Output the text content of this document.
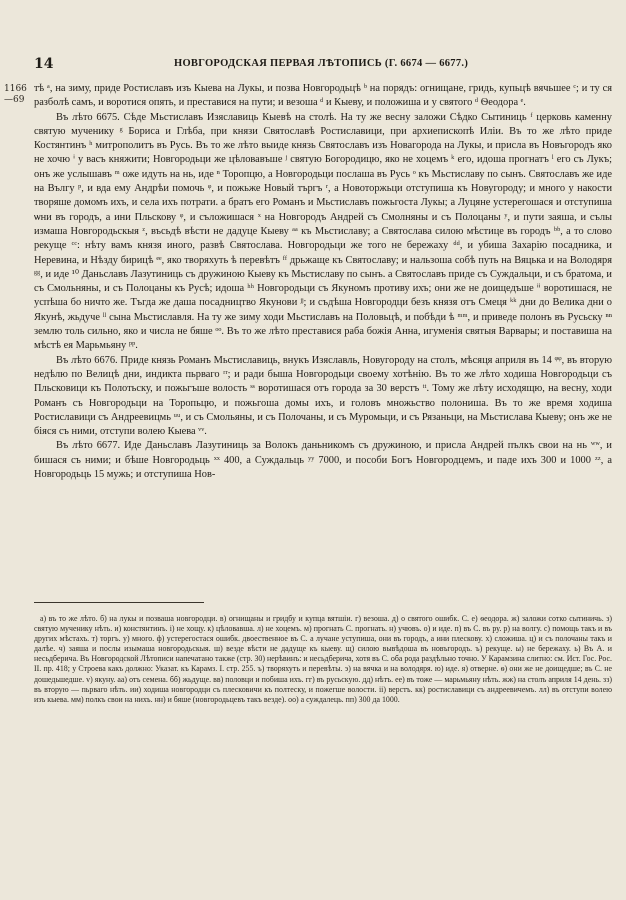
14	НОВГОРОДСКАЯ ПЕРВАЯ ЛѢТОПИСЬ (Г. 6674 — 6677.)
1166
—69

тѣ ᵃ, на зиму, приде Ростиславъ изъ Кыева на Лукы, и позва Новгородьцѣ ᵇ на порядъ: огнищане, гридь, купьцѣ вячьшее ᶜ; и ту ся разболѣ самъ, и воротися опять, и преставися на пути; и везоша ᵈ и Кыеву, и положиша и у святого ᵈ Ѳеодора ᵉ.

Въ лѣто 6675. Сѣде Мьстиславъ Изяславиць Кыевѣ на столѣ. На ту же весну заложи Сѣдко Сытиниць ᶠ церковь каменну святую мученику ᵍ Бориса и Глѣба, при князи Святославѣ Ростиславици, при архиепископѣ Илiи. Въ то же лѣто приде Костянтинъ ʰ митрополитъ въ Русь. Въ то же лѣто выиде князь Святославъ изъ Новагорода на Лукы, и присла въ Новъгородъ яко не хочю ⁱ у васъ княжити; Новгородьци же цѣловавъше ʲ святую Богородицю, яко не хоцемъ ᵏ его, идоша прогнатъ ˡ его съ Лукъ; онъ же услышавъ ᵐ оже идуть на нь, иде ⁿ Торопцю, а Новгородьци послаша въ Русь ᵒ къ Мьстиславу по сынъ. Святославъ же иде на Вългу ᵖ, и вда ему Андрѣи помочь ᵠ, и пожьже Новый търгъ ʳ, а Новоторжьци отступиша къ Новугороду; и много у накости творяше домомъ ихъ, и села ихъ потрати. а братъ его Романъ и Мьстиславъ пожьгоста Лукы; а Луцяне устерегошася и отступиша ѡни въ городъ, а ини Пльскову ᵠ, и съложишася ˣ на Новгородъ Андрей съ Смолняны и съ Полоцаны ʸ, и пути заяша, и сълы измаша Новгородьскыя ᶻ, въсьдѣ вѣсти не дадуце Кыеву ᵃᵃ къ Мьстиславу; а Святослава силою мѣстице въ городъ ᵇᵇ, а то слово рекуще ᶜᶜ: нѣту вамъ князя иного, развѣ Святослава. Новгородьци же того не бережаху ᵈᵈ, и убиша Захарiю посадника, и Неревина, и Нѣзду бирицѣ ᵉᵉ, яко творяхуть ѣ перевѣтъ ᶠᶠ дрьжаще къ Святославу; и нальзоша собѣ путь на Вяцька и на Володяря ᵍᵍ, и иде ¹⁰ Даньславъ Лазутиниць съ дружиною Кыеву къ Мьстиславу по сынъ. а Святославъ приде съ Суждальци, и съ братома, и съ Смольняны, и съ Полоцаны къ Русѣ; идоша ʰʰ Новгородьци съ Якуномъ противу ихъ; они же не доищедъше ⁱⁱ воротишася, не успѣша бо ничто же. Тъгда же даша посадництво Якунови ʲʲ; и съдѣша Новгородци безъ князя отъ Смеця ᵏᵏ дни до Велика дни о Якунѣ, жьдуче ˡˡ сына Мьстиславля. На ту же зиму ходи Мьстиславъ на Половьцѣ, и побѣди ѣ ᵐᵐ, и приведе полонъ въ Русьску ⁿⁿ землю толь сильно, яко и числа не бяше ᵒᵒ. Въ то же лѣто преставися раба божiя Анна, игуменiя святыя Варвары; и поставиша на мѣстѣ ея Марьмьяну ᵖᵖ.

Въ лѣто 6676. Приде князь Романъ Мьстиславиць, внукъ Изяславль, Новугороду на столъ, мѣсяця априля въ 14 ᵠᵠ, въ вторую недѣлю по Велицѣ дни, индикта пьрваго ʳʳ; и ради быша Новгородьци своему хотѣнiю. Въ то же лѣто ходиша Новгородьци съ Пльсковици къ Полотьску, и пожьгъше волость ˢˢ воротишася отъ города за 30 верстъ ᵗᵗ. Тому же лѣту исходящю, на весну, ходи Романъ съ Новгородьци на Торопьцю, и пожьгоша домы ихъ, и головъ множьство полониша. Въ то же время ходиша Ростиславици съ Андреевицмь ᵘᵘ, и съ Смольяны, и съ Полочаны, и съ Муромьци, и съ Рязаньци, на Мьстислава Кыеву; онъ же не бiяся съ ними, отступи волею Кыева ᵛᵛ.

Въ лѣто 6677. Иде Даньславъ Лазутиниць за Волокъ даньникомъ съ дружиною, и присла Андрей пълкъ свои на нь ʷʷ, и бишася съ ними; и бѣше Новгородьць ˣˣ 400, а Суждальць ʸʸ 7000, и пособи Богъ Новгородцемъ, и паде ихъ 300 и 1000 ᶻᶻ, а Новгородьць 15 мужь; и отступиша Нов-

a) въ то же лѣто. б) на лукы и позваша новгородци. в) огнищаны и гридбу и купца вятшiи. г) везоша. д) о святого ошибк. С. е) ѳеодора. ж) заложи сотко сытиничь. з) святую мученику нѣть. и) констянтинъ. i) не хощу. к) цѣловавша. л) не хоцемъ. м) прогнать С. прогнать. н) учювъ. о) и иде. п) въ С. въ ру. р) на волгу. с) помощь такъ и въ других мѣстахъ. т) торгъ. у) много. ф) устерегостася ошибк. двоественное въ С. а лучане уступиша, они въ городъ, а ини плескову. х) сложиша. ц) и съ полочаны такъ и далѣе. ч) заяша и послы изымаша новгородьскыя. ш) везде вѣсти не дадуще къ кыеву. щ) силою вывѣдоша въ новъгородъ. ъ) рекуще. ы) не бережаху. ь) Въ А. и несьдберича. Въ Новгородской Лѣтописи напечатано также (стр. 30) нерѣвинъ: и несьдберича, хотя въ С. оба рода раздѣльно точно. У Карамзина слитно: см. Ист. Гос. Рос. II. пр. 418; у Строева какъ должно: Указат. къ Карамз. I. стр. 255. ъ) творяхуть и перевѣты. э) на вячка и на володяря. ю) иде. я) отверне. ѳ) они же не доищедше; въ С. не дошедьшедше. v) якуну. аа) отъ семена. бб) жьдуще. вв) половци и побиша ихъ. гг) въ русьскую. дд) нѣтъ. ее) въ тоже — марьмьяну нѣть. жж) на столъ априля 14 день. зз) въ вторую — пьрваго нѣть. ии) ходиша новгородци съ плесковичи къ полтеску, и пожегше волости. ii) верстъ. кк) ростиславици съ андреевичемъ. лл) въ отступи волею изъ кыева. мм) полкъ свои на нихъ. нн) и бяше (новгородьцевъ такъ везде). оо) а суждалець. пп) 300 да 1000.
